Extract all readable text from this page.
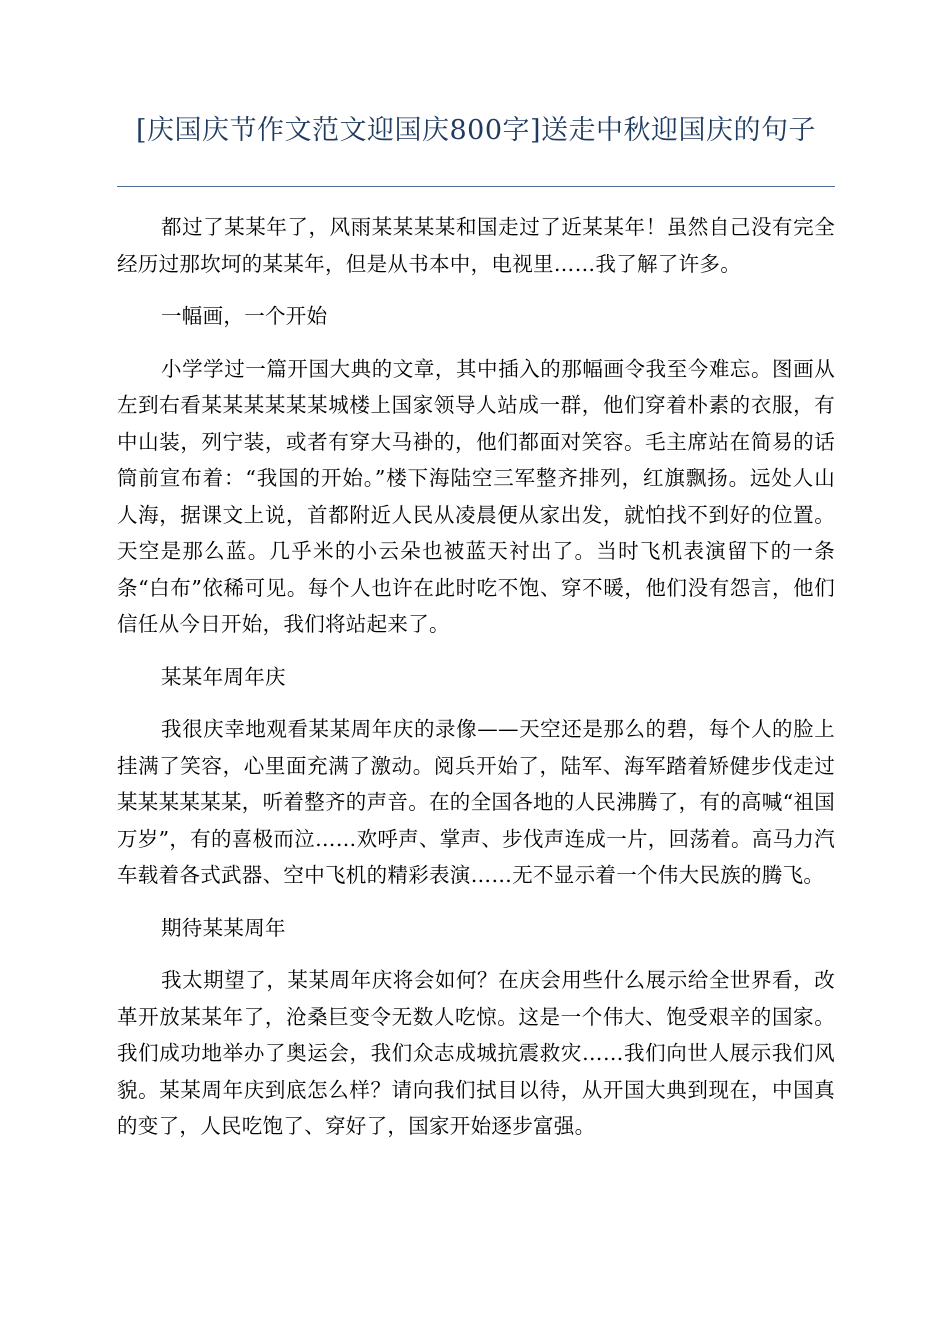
[庆国庆节作文范文迎国庆800字]送走中秋迎国庆的句子

都过了某某年了，风雨某某某某和国走过了近某某年！虽然自己没有完全经历过那坎坷的某某年，但是从书本中，电视里……我了解了许多。

一幅画，一个开始

小学学过一篇开国大典的文章，其中插入的那幅画令我至今难忘。图画从左到右看某某某某某某城楼上国家领导人站成一群，他们穿着朴素的衣服，有中山装，列宁装，或者有穿大马褂的，他们都面对笑容。毛主席站在简易的话筒前宣布着：“我国的开始。”楼下海陆空三军整齐排列，红旗飘扬。远处人山人海，据课文上说，首都附近人民从凌晨便从家出发，就怕找不到好的位置。天空是那么蓝。几乎米的小云朵也被蓝天衬出了。当时飞机表演留下的一条条“白布”依稀可见。每个人也许在此时吃不饱、穿不暖，他们没有怨言，他们信任从今日开始，我们将站起来了。

某某年周年庆

我很庆幸地观看某某周年庆的录像——天空还是那么的碧，每个人的脸上挂满了笑容，心里面充满了激动。阅兵开始了，陆军、海军踏着矫健步伐走过某某某某某某，听着整齐的声音。在的全国各地的人民沸腾了，有的高喊“祖国万岁”，有的喜极而泣……欢呼声、掌声、步伐声连成一片，回荡着。高马力汽车载着各式武器、空中飞机的精彩表演……无不显示着一个伟大民族的腾飞。

期待某某周年

我太期望了，某某周年庆将会如何？在庆会用些什么展示给全世界看，改革开放某某年了，沧桑巨变令无数人吃惊。这是一个伟大、饱受艰辛的国家。我们成功地举办了奥运会，我们众志成城抗震救灾……我们向世人展示我们风貌。某某周年庆到底怎么样？请向我们拭目以待，从开国大典到现在，中国真的变了，人民吃饱了、穿好了，国家开始逐步富强。
